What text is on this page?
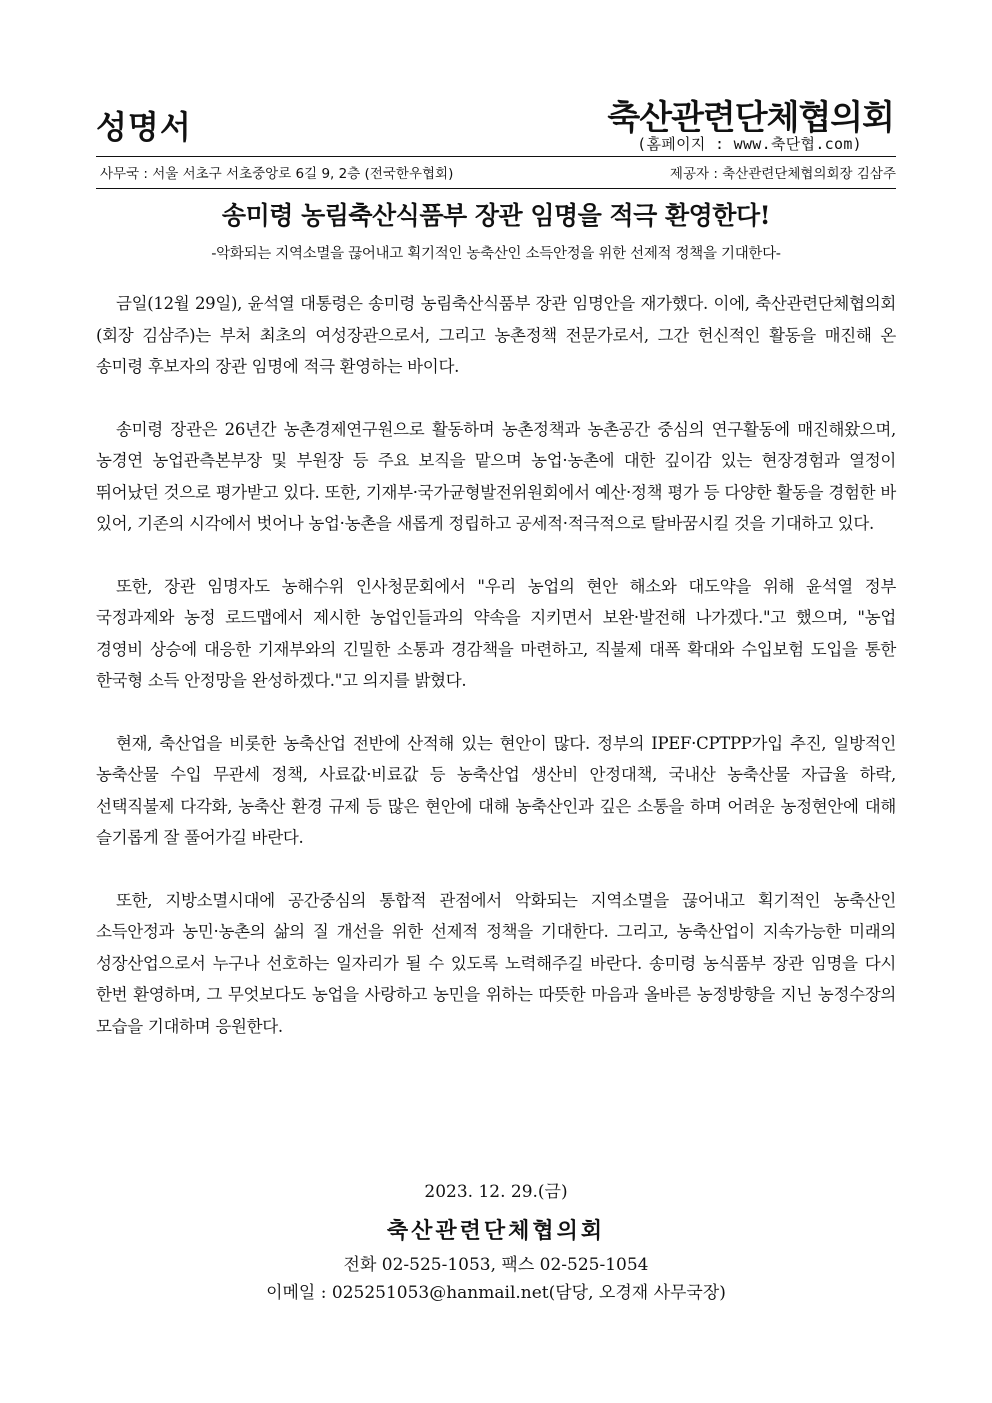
성명서	축산관련단체협의회
(홈페이지 : www.축단협.com)
사무국 : 서울 서초구 서초중앙로 6길 9, 2층 (전국한우협회)	제공자 : 축산관련단체협의회장 김삼주
송미령 농림축산식품부 장관 임명을 적극 환영한다!
-악화되는 지역소멸을 끊어내고 획기적인 농축산인 소득안정을 위한 선제적 정책을 기대한다-

금일(12월 29일), 윤석열 대통령은 송미령 농림축산식품부 장관 임명안을 재가했다. 이에, 축산관련단체협의회(회장 김삼주)는 부처 최초의 여성장관으로서, 그리고 농촌정책 전문가로서, 그간 헌신적인 활동을 매진해 온 송미령 후보자의 장관 임명에 적극 환영하는 바이다.

송미령 장관은 26년간 농촌경제연구원으로 활동하며 농촌정책과 농촌공간 중심의 연구활동에 매진해왔으며, 농경연 농업관측본부장 및 부원장 등 주요 보직을 맡으며 농업·농촌에 대한 깊이감 있는 현장경험과 열정이 뛰어났던 것으로 평가받고 있다. 또한, 기재부·국가균형발전위원회에서 예산·정책 평가 등 다양한 활동을 경험한 바 있어, 기존의 시각에서 벗어나 농업·농촌을 새롭게 정립하고 공세적·적극적으로 탈바꿈시킬 것을 기대하고 있다.

또한, 장관 임명자도 농해수위 인사청문회에서 "우리 농업의 현안 해소와 대도약을 위해 윤석열 정부 국정과제와 농정 로드맵에서 제시한 농업인들과의 약속을 지키면서 보완·발전해 나가겠다."고 했으며, "농업 경영비 상승에 대응한 기재부와의 긴밀한 소통과 경감책을 마련하고, 직불제 대폭 확대와 수입보험 도입을 통한 한국형 소득 안정망을 완성하겠다."고 의지를 밝혔다.

현재, 축산업을 비롯한 농축산업 전반에 산적해 있는 현안이 많다. 정부의 IPEF·CPTPP가입 추진, 일방적인 농축산물 수입 무관세 정책, 사료값·비료값 등 농축산업 생산비 안정대책, 국내산 농축산물 자급율 하락, 선택직불제 다각화, 농축산 환경 규제 등 많은 현안에 대해 농축산인과 깊은 소통을 하며 어려운 농정현안에 대해 슬기롭게 잘 풀어가길 바란다.

또한, 지방소멸시대에 공간중심의 통합적 관점에서 악화되는 지역소멸을 끊어내고 획기적인 농축산인 소득안정과 농민·농촌의 삶의 질 개선을 위한 선제적 정책을 기대한다. 그리고, 농축산업이 지속가능한 미래의 성장산업으로서 누구나 선호하는 일자리가 될 수 있도록 노력해주길 바란다. 송미령 농식품부 장관 임명을 다시 한번 환영하며, 그 무엇보다도 농업을 사랑하고 농민을 위하는 따뜻한 마음과 올바른 농정방향을 지닌 농정수장의 모습을 기대하며 응원한다.

2023. 12. 29.(금)
축산관련단체협의회
전화 02-525-1053, 팩스 02-525-1054
이메일 : 025251053@hanmail.net(담당, 오경재 사무국장)
